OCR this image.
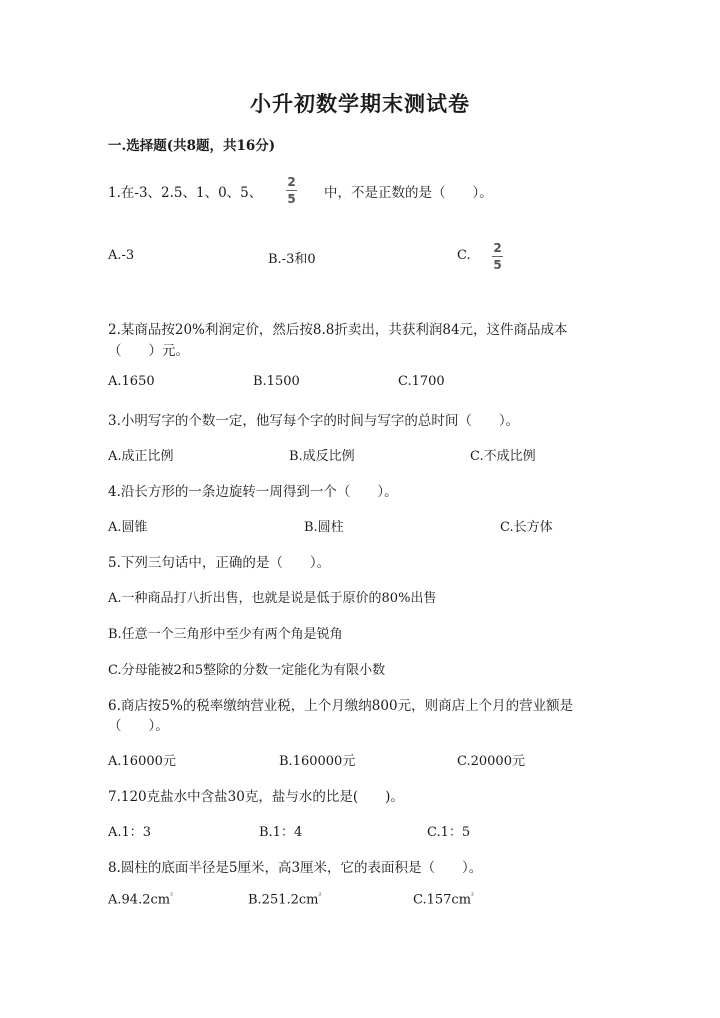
小升初数学期末测试卷
一.选择题(共8题，共16分)
1.在-3、2.5、1、0、5、
2
5 中，不是正数的是（　　）。
A.-3	B.-3和0	C. 2
5
2.某商品按20%利润定价，然后按8.8折卖出，共获利润84元，这件商品成本
（　　）元。
A.1650	B.1500	C.1700
3.小明写字的个数一定，他写每个字的时间与写字的总时间（　　）。
A.成正比例	B.成反比例	C.不成比例
4.沿长方形的一条边旋转一周得到一个（　　）。
A.圆锥	B.圆柱	C.长方体
5.下列三句话中，正确的是（　　）。
A.一种商品打八折出售，也就是说是低于原价的80%出售
B.任意一个三角形中至少有两个角是锐角
C.分母能被2和5整除的分数一定能化为有限小数
6.商店按5%的税率缴纳营业税，上个月缴纳800元，则商店上个月的营业额是
（　　）。
A.16000元	B.160000元	C.20000元
7.120克盐水中含盐30克，盐与水的比是(　　)。
A.1：3	B.1：4	C.1：5
8.圆柱的底面半径是5厘米，高3厘米，它的表面积是（　　）。
$A.94.2cm^{^2}$	$B.251.2cm^{^2}$	$C.157cm^{^2}$
